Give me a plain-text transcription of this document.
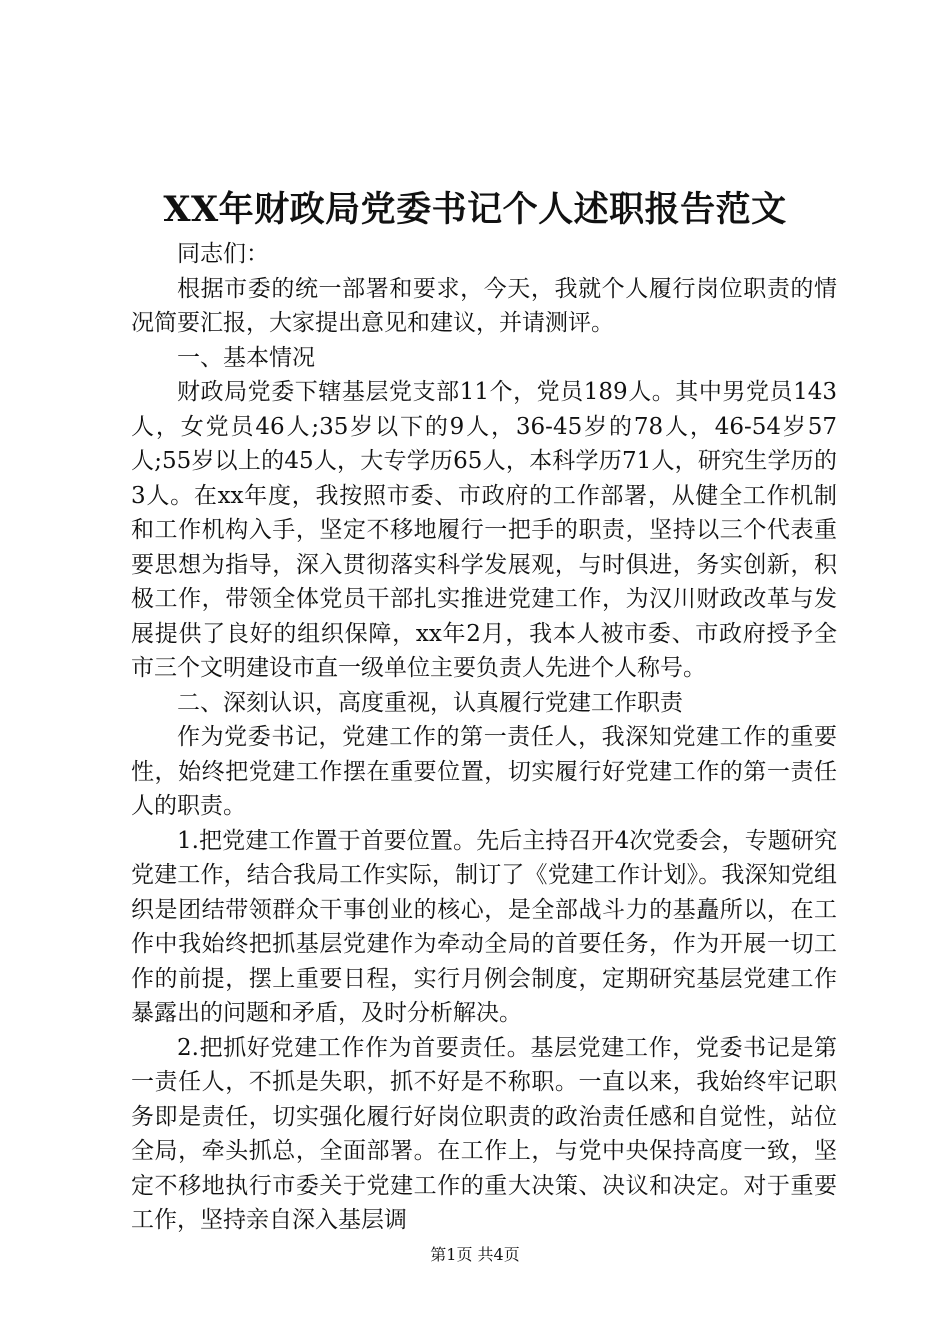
XX年财政局党委书记个人述职报告范文

同志们：

根据市委的统一部署和要求，今天，我就个人履行岗位职责的情况简要汇报，大家提出意见和建议，并请测评。

一、基本情况

财政局党委下辖基层党支部11个，党员189人。其中男党员143人，女党员46人;35岁以下的9人，36-45岁的78人，46-54岁57人;55岁以上的45人，大专学历65人，本科学历71人，研究生学历的3人。在xx年度，我按照市委、市政府的工作部署，从健全工作机制和工作机构入手，坚定不移地履行一把手的职责，坚持以三个代表重要思想为指导，深入贯彻落实科学发展观，与时俱进，务实创新，积极工作，带领全体党员干部扎实推进党建工作，为汉川财政改革与发展提供了良好的组织保障，xx年2月，我本人被市委、市政府授予全市三个文明建设市直一级单位主要负责人先进个人称号。

二、深刻认识，高度重视，认真履行党建工作职责

作为党委书记，党建工作的第一责任人，我深知党建工作的重要性，始终把党建工作摆在重要位置，切实履行好党建工作的第一责任人的职责。

1.把党建工作置于首要位置。先后主持召开4次党委会，专题研究党建工作，结合我局工作实际，制订了《党建工作计划》。我深知党组织是团结带领群众干事创业的核心，是全部战斗力的基矗所以，在工作中我始终把抓基层党建作为牵动全局的首要任务，作为开展一切工作的前提，摆上重要日程，实行月例会制度，定期研究基层党建工作暴露出的问题和矛盾，及时分析解决。

2.把抓好党建工作作为首要责任。基层党建工作，党委书记是第一责任人，不抓是失职，抓不好是不称职。一直以来，我始终牢记职务即是责任，切实强化履行好岗位职责的政治责任感和自觉性，站位全局，牵头抓总，全面部署。在工作上，与党中央保持高度一致，坚定不移地执行市委关于党建工作的重大决策、决议和决定。对于重要工作，坚持亲自深入基层调

第1页 共4页
